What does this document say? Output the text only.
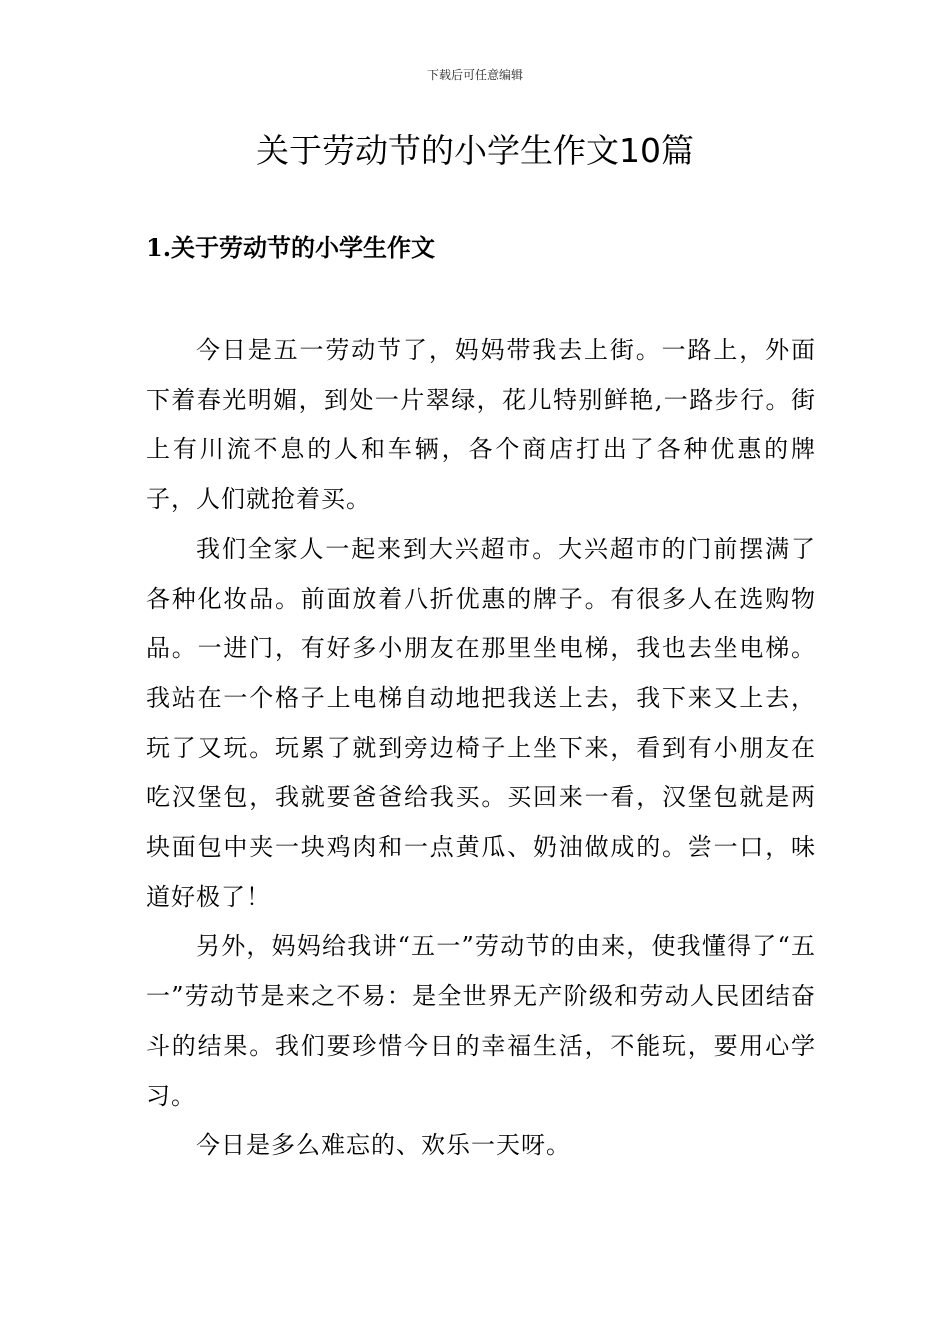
下载后可任意编辑
关于劳动节的小学生作文10篇
1.关于劳动节的小学生作文

今日是五一劳动节了，妈妈带我去上街。一路上，外面下着春光明媚，到处一片翠绿，花儿特别鲜艳,一路步行。街上有川流不息的人和车辆，各个商店打出了各种优惠的牌子，人们就抢着买。

我们全家人一起来到大兴超市。大兴超市的门前摆满了各种化妆品。前面放着八折优惠的牌子。有很多人在选购物品。一进门，有好多小朋友在那里坐电梯，我也去坐电梯。我站在一个格子上电梯自动地把我送上去，我下来又上去，玩了又玩。玩累了就到旁边椅子上坐下来，看到有小朋友在吃汉堡包，我就要爸爸给我买。买回来一看，汉堡包就是两块面包中夹一块鸡肉和一点黄瓜、奶油做成的。尝一口，味道好极了！

另外，妈妈给我讲“五一”劳动节的由来，使我懂得了“五一”劳动节是来之不易：是全世界无产阶级和劳动人民团结奋斗的结果。我们要珍惜今日的幸福生活，不能玩，要用心学习。

今日是多么难忘的、欢乐一天呀。
